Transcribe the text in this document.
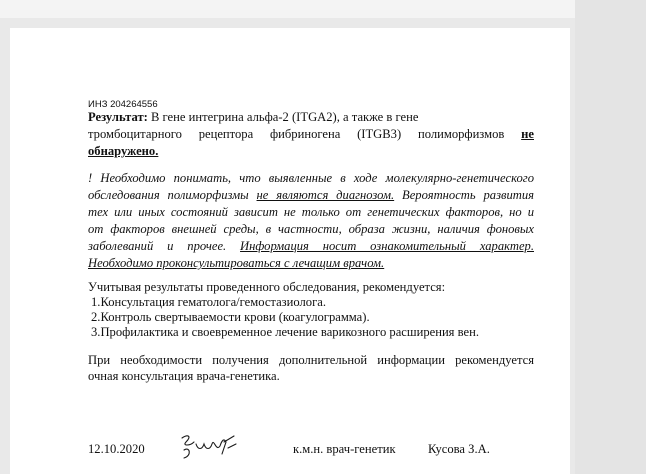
ИНЗ 204264556
Результат: В гене интегрина альфа-2 (ITGA2), а также в гене
тромбоцитарного рецептора фибриногена (ITGB3) полиморфизмов не
обнаружено.
! Необходимо понимать, что выявленные в ходе молекулярно-генетического
обследования полиморфизмы не являются диагнозом. Вероятность развития
тех или иных состояний зависит не только от генетических факторов, но и
от факторов внешней среды, в частности, образа жизни, наличия фоновых
заболеваний и прочее. Информация носит ознакомительный характер.
Необходимо проконсультироваться с лечащим врачом.
Учитывая результаты проведенного обследования, рекомендуется:
1.Консультация гематолога/гемостазиолога.
2.Контроль свертываемости крови (коагулограмма).
3.Профилактика и своевременное лечение варикозного расширения вен.
При необходимости получения дополнительной информации рекомендуется
очная консультация врача-генетика.
12.10.2020	к.м.н. врач-генетик	Кусова З.А.
